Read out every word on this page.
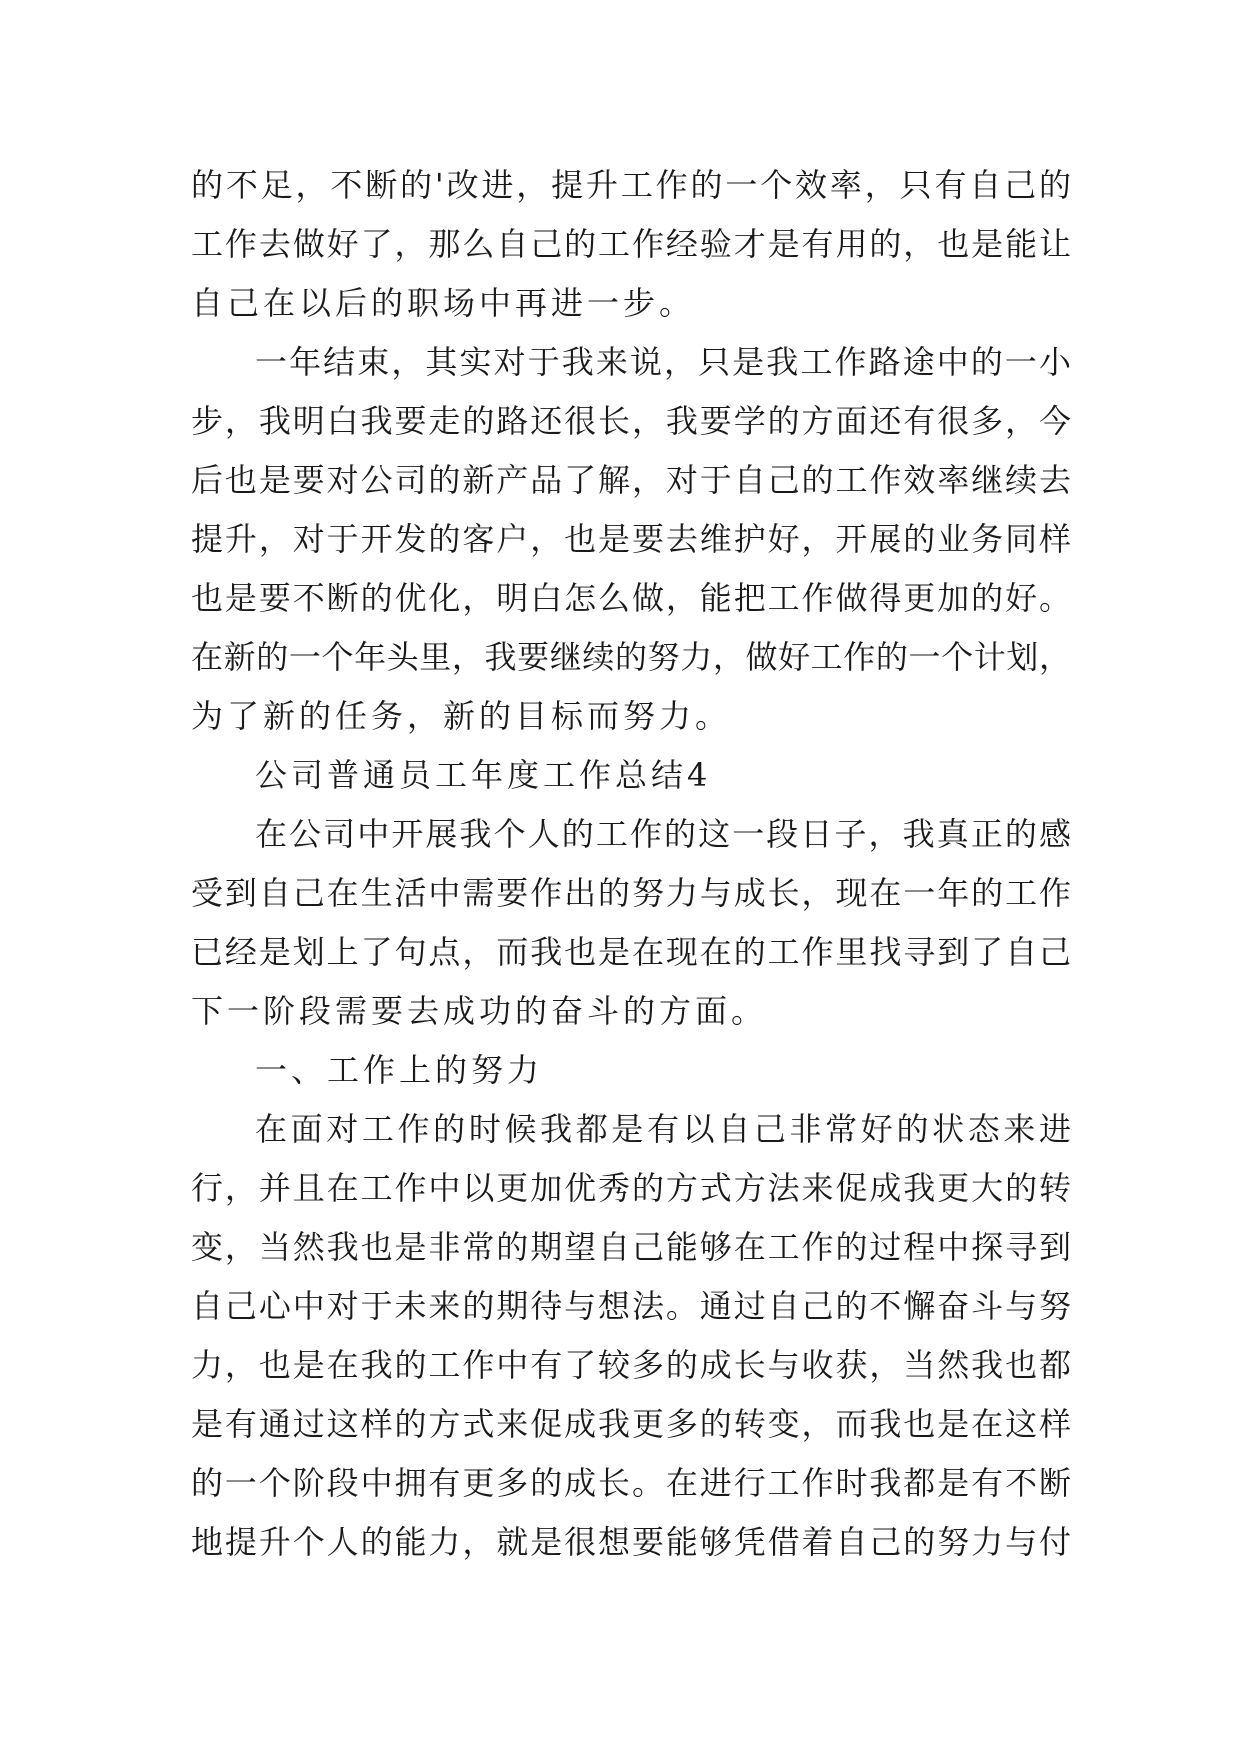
的不足，不断的'改进，提升工作的一个效率，只有自己的
工作去做好了，那么自己的工作经验才是有用的，也是能让
自己在以后的职场中再进一步。
一年结束，其实对于我来说，只是我工作路途中的一小
步，我明白我要走的路还很长，我要学的方面还有很多，今
后也是要对公司的新产品了解，对于自己的工作效率继续去
提升，对于开发的客户，也是要去维护好，开展的业务同样
也是要不断的优化，明白怎么做，能把工作做得更加的好。
在新的一个年头里，我要继续的努力，做好工作的一个计划，
为了新的任务，新的目标而努力。
公司普通员工年度工作总结4
在公司中开展我个人的工作的这一段日子，我真正的感
受到自己在生活中需要作出的努力与成长，现在一年的工作
已经是划上了句点，而我也是在现在的工作里找寻到了自己
下一阶段需要去成功的奋斗的方面。
一、工作上的努力
在面对工作的时候我都是有以自己非常好的状态来进
行，并且在工作中以更加优秀的方式方法来促成我更大的转
变，当然我也是非常的期望自己能够在工作的过程中探寻到
自己心中对于未来的期待与想法。通过自己的不懈奋斗与努
力，也是在我的工作中有了较多的成长与收获，当然我也都
是有通过这样的方式来促成我更多的转变，而我也是在这样
的一个阶段中拥有更多的成长。在进行工作时我都是有不断
地提升个人的能力，就是很想要能够凭借着自己的努力与付
